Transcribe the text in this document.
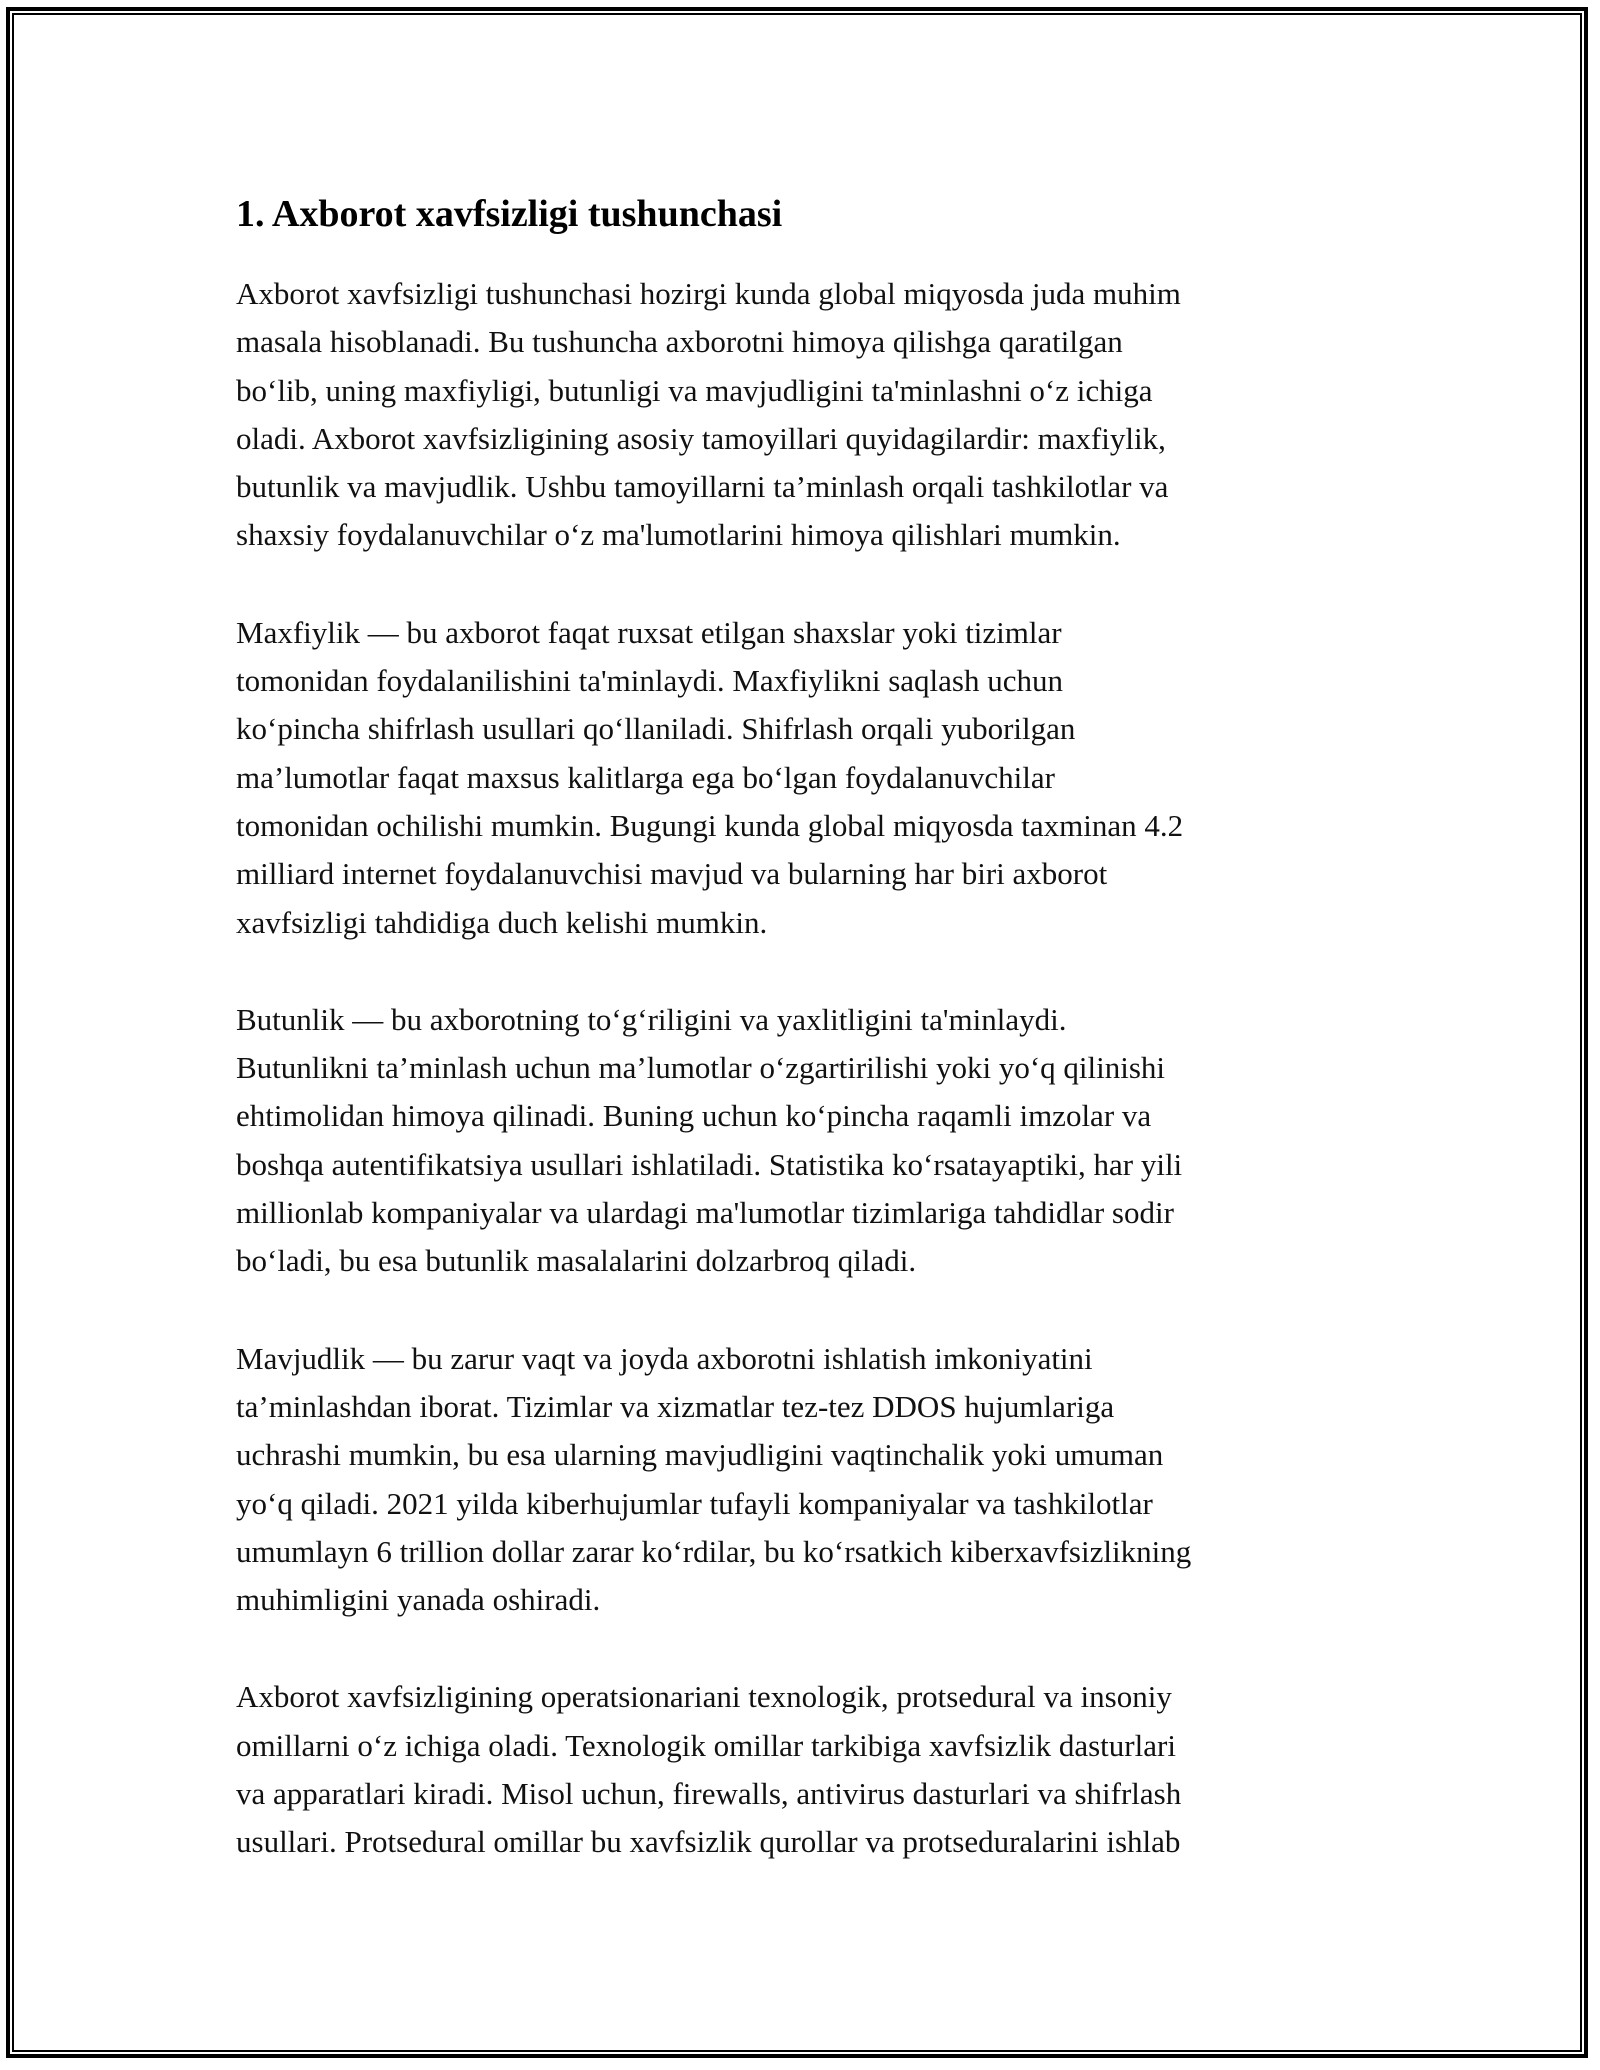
1. Axborot xavfsizligi tushunchasi

Axborot xavfsizligi tushunchasi hozirgi kunda global miqyosda juda muhim
masala hisoblanadi. Bu tushuncha axborotni himoya qilishga qaratilgan
bo‘lib, uning maxfiyligi, butunligi va mavjudligini ta'minlashni o‘z ichiga
oladi. Axborot xavfsizligining asosiy tamoyillari quyidagilardir: maxfiylik,
butunlik va mavjudlik. Ushbu tamoyillarni ta’minlash orqali tashkilotlar va
shaxsiy foydalanuvchilar o‘z ma'lumotlarini himoya qilishlari mumkin.

Maxfiylik — bu axborot faqat ruxsat etilgan shaxslar yoki tizimlar
tomonidan foydalanilishini ta'minlaydi. Maxfiylikni saqlash uchun
ko‘pincha shifrlash usullari qo‘llaniladi. Shifrlash orqali yuborilgan
ma’lumotlar faqat maxsus kalitlarga ega bo‘lgan foydalanuvchilar
tomonidan ochilishi mumkin. Bugungi kunda global miqyosda taxminan 4.2
milliard internet foydalanuvchisi mavjud va bularning har biri axborot
xavfsizligi tahdidiga duch kelishi mumkin.

Butunlik — bu axborotning to‘g‘riligini va yaxlitligini ta'minlaydi.
Butunlikni ta’minlash uchun ma’lumotlar o‘zgartirilishi yoki yo‘q qilinishi
ehtimolidan himoya qilinadi. Buning uchun ko‘pincha raqamli imzolar va
boshqa autentifikatsiya usullari ishlatiladi. Statistika ko‘rsatayaptiki, har yili
millionlab kompaniyalar va ulardagi ma'lumotlar tizimlariga tahdidlar sodir
bo‘ladi, bu esa butunlik masalalarini dolzarbroq qiladi.

Mavjudlik — bu zarur vaqt va joyda axborotni ishlatish imkoniyatini
ta’minlashdan iborat. Tizimlar va xizmatlar tez-tez DDOS hujumlariga
uchrashi mumkin, bu esa ularning mavjudligini vaqtinchalik yoki umuman
yo‘q qiladi. 2021 yilda kiberhujumlar tufayli kompaniyalar va tashkilotlar
umumlayn 6 trillion dollar zarar ko‘rdilar, bu ko‘rsatkich kiberxavfsizlikning
muhimligini yanada oshiradi.

Axborot xavfsizligining operatsionariani texnologik, protsedural va insoniy
omillarni o‘z ichiga oladi. Texnologik omillar tarkibiga xavfsizlik dasturlari
va apparatlari kiradi. Misol uchun, firewalls, antivirus dasturlari va shifrlash
usullari. Protsedural omillar bu xavfsizlik qurollar va protseduralarini ishlab
